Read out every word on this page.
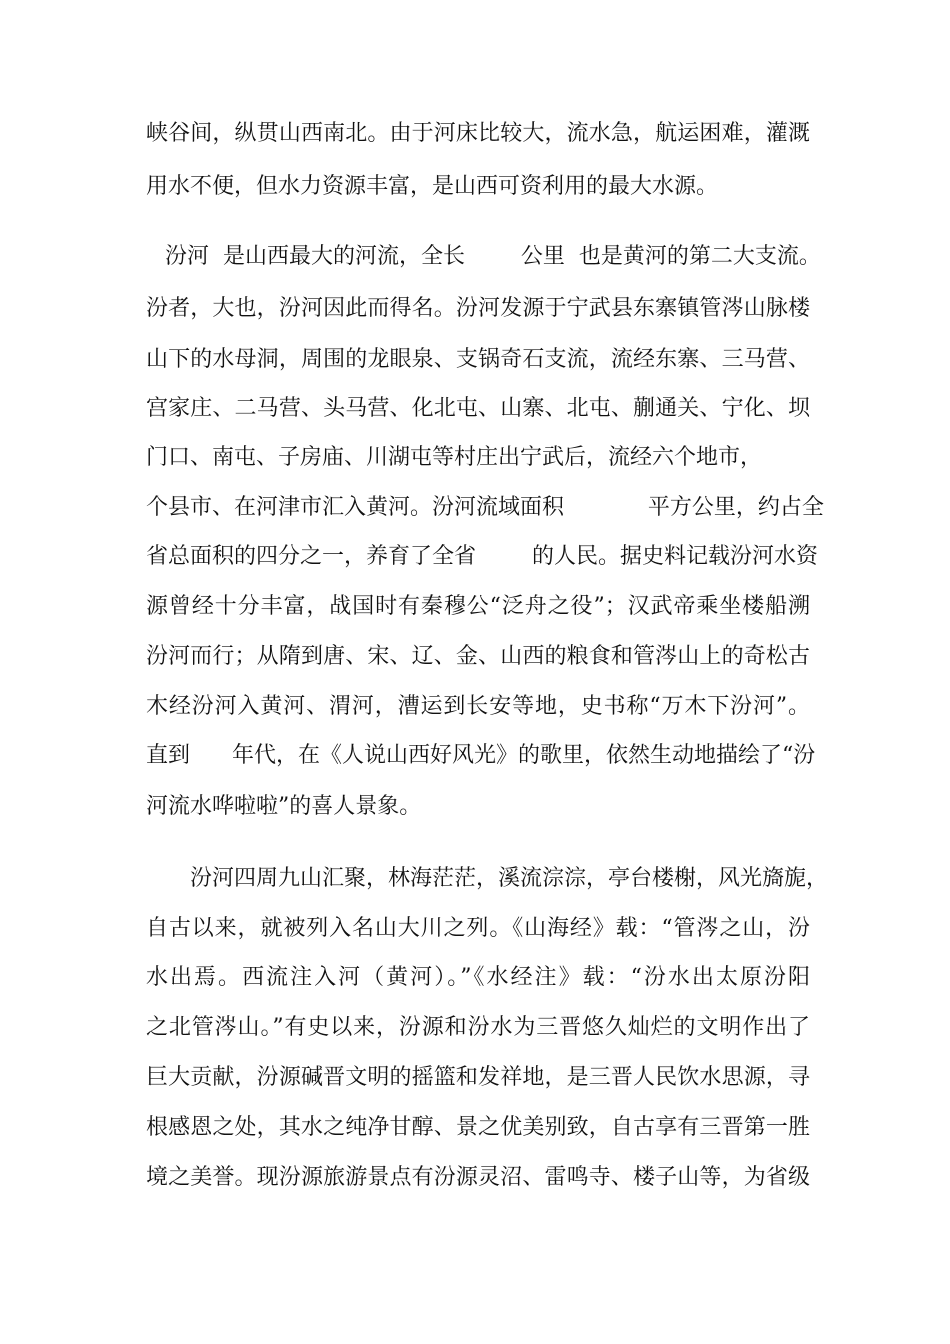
峡谷间，纵贯山西南北。由于河床比较大，流水急，航运困难，灌溉
用水不便，但水力资源丰富，是山西可资利用的最大水源。
汾河  是山西最大的河流，全长        公里  也是黄河的第二大支流。
汾者，大也，汾河因此而得名。汾河发源于宁武县东寨镇管涔山脉楼
山下的水母洞，周围的龙眼泉、支锅奇石支流，流经东寨、三马营、
宫家庄、二马营、头马营、化北屯、山寨、北屯、蒯通关、宁化、坝
门口、南屯、子房庙、川湖屯等村庄出宁武后，流经六个地市，
个县市、在河津市汇入黄河。汾河流域面积            平方公里，约占全
省总面积的四分之一，养育了全省        的人民。据史料记载汾河水资
源曾经十分丰富，战国时有秦穆公“泛舟之役”；汉武帝乘坐楼船溯
汾河而行；从隋到唐、宋、辽、金、山西的粮食和管涔山上的奇松古
木经汾河入黄河、渭河，漕运到长安等地，史书称“万木下汾河”。
直到      年代，在《人说山西好风光》的歌里，依然生动地描绘了“汾
河流水哗啦啦”的喜人景象。
汾河四周九山汇聚，林海茫茫，溪流淙淙，亭台楼榭，风光旖旎，
自古以来，就被列入名山大川之列。《山海经》载：“管涔之山，汾
水出焉。西流注入河（黄河）。”《水经注》载：“汾水出太原汾阳
之北管涔山。”有史以来，汾源和汾水为三晋悠久灿烂的文明作出了
巨大贡献，汾源碱晋文明的摇篮和发祥地，是三晋人民饮水思源，寻
根感恩之处，其水之纯净甘醇、景之优美别致，自古享有三晋第一胜
境之美誉。现汾源旅游景点有汾源灵沼、雷鸣寺、楼子山等，为省级
